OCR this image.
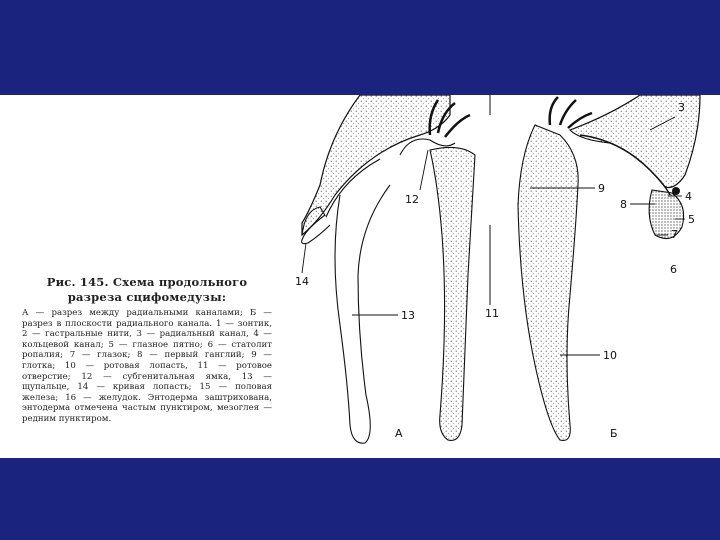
Рис. 145. Схема продольного разреза сцифомедузы:
А — разрез между радиальными каналами; Б — разрез в плоскости радиального канала. 1 — зонтик, 2 — гастральные нити, 3 — радиальный канал, 4 — кольцевой канал; 5 — глазное пятно; 6 — статолит ропалия; 7 — глазок; 8 — первый ганглий; 9 — глотка; 10 — ротовая лопасть, 11 — ротовое отверстие; 12 — субгенитальная ямка, 13 — щупальце, 14 — кривая лопасть; 15 — половая железа; 16 — желудок. Энтодерма заштрихована, энтодерма отмечена частым пунктиром, мезоглея — редним пунктиром.
3
4
5
7
8
6
9
10
11
12
13
14
А	Б
